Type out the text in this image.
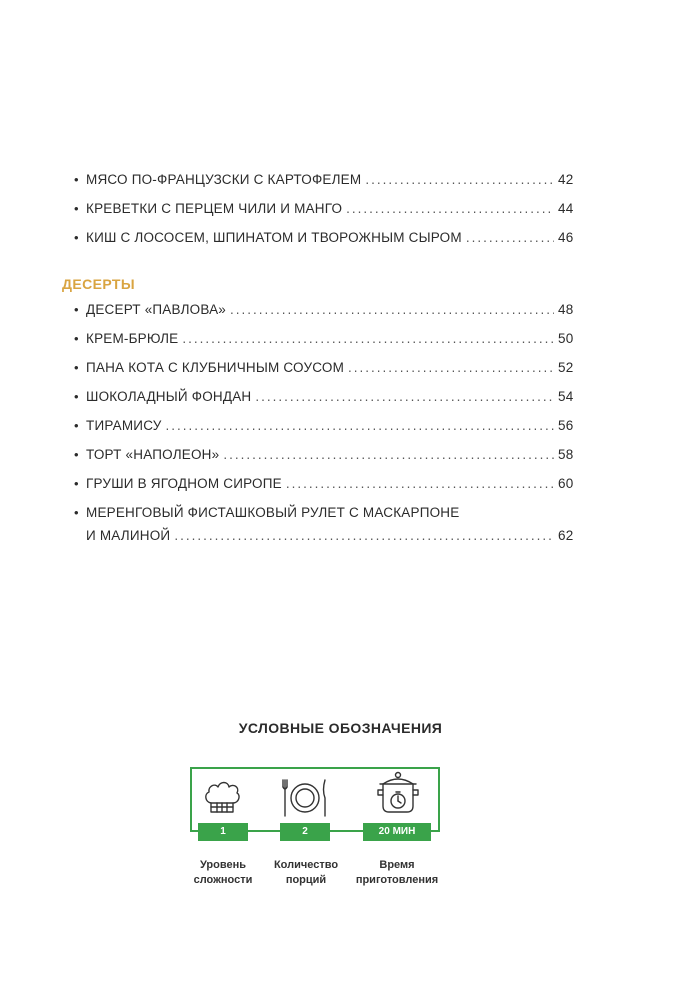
• МЯСО ПО-ФРАНЦУЗСКИ С КАРТОФЕЛЕМ .....	42
• КРЕВЕТКИ С ПЕРЦЕМ ЧИЛИ И МАНГО .....	44
• КИШ С ЛОСОСЕМ, ШПИНАТОМ И ТВОРОЖНЫМ СЫРОМ .....	46
ДЕСЕРТЫ
• ДЕСЕРТ «ПАВЛОВА» .....	48
• КРЕМ-БРЮЛЕ .....	50
• ПАНА КОТА С КЛУБНИЧНЫМ СОУСОМ .....	52
• ШОКОЛАДНЫЙ ФОНДАН .....	54
• ТИРАМИСУ .....	56
• ТОРТ «НАПОЛЕОН» .....	58
• ГРУШИ В ЯГОДНОМ СИРОПЕ .....	60
• МЕРЕНГОВЫЙ ФИСТАШКОВЫЙ РУЛЕТ С МАСКАРПОНЕ
И МАЛИНОЙ .....	62
УСЛОВНЫЕ ОБОЗНАЧЕНИЯ
1	2	20 МИН
Уровень
сложности
Количество
порций
Время
приготовления
